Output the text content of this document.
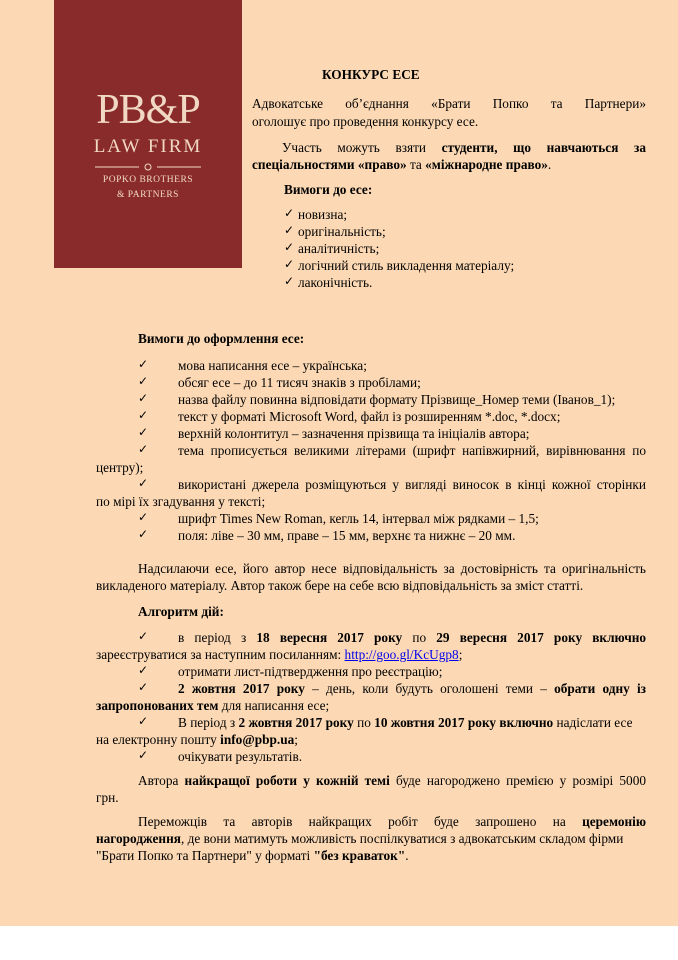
PB&P
LAW FIRM
POPKO BROTHERS
& PARTNERS
КОНКУРС ЕСЕ
Адвокатське об’єднання «Брати Попко та Партнери»
оголошує про проведення конкурсу есе.
Участь можуть взяти студенти, що навчаються за
спеціальностями «право» та «міжнародне право».
Вимоги до есе:
✓ новизна;
✓ оригінальність;
✓ аналітичність;
✓ логічний стиль викладення матеріалу;
✓ лаконічність.
Вимоги до оформлення есе:
✓ мова написання есе – українська;
✓ обсяг есе – до 11 тисяч знаків з пробілами;
✓ назва файлу повинна відповідати формату Прізвище_Номер теми (Іванов_1);
✓ текст у форматі Microsoft Word, файл із розширенням *.doc, *.docx;
✓ верхній колонтитул – зазначення прізвища та ініціалів автора;
✓ тема прописується великими літерами (шрифт напівжирний, вирівнювання по
центру);
✓ використані джерела розміщуються у вигляді виносок в кінці кожної сторінки
по мірі їх згадування у тексті;
✓ шрифт Times New Roman, кегль 14, інтервал між рядками – 1,5;
✓ поля: ліве – 30 мм, праве – 15 мм, верхнє та нижнє – 20 мм.
Надсилаючи есе, його автор несе відповідальність за достовірність та оригінальність
викладеного матеріалу. Автор також бере на себе всю відповідальність за зміст статті.
Алгоритм дій:
✓ в період з 18 вересня 2017 року по 29 вересня 2017 року включно
зареєструватися за наступним посиланням: http://goo.gl/KcUgp8;
✓ отримати лист-підтвердження про реєстрацію;
✓ 2 жовтня 2017 року – день, коли будуть оголошені теми – обрати одну із
запропонованих тем для написання есе;
✓ В період з 2 жовтня 2017 року по 10 жовтня 2017 року включно надіслати есе
на електронну пошту info@pbp.ua;
✓ очікувати результатів.
Автора найкращої роботи у кожній темі буде нагороджено премією у розмірі 5000
грн.
Переможців та авторів найкращих робіт буде запрошено на церемонію
нагородження, де вони матимуть можливість поспілкуватися з адвокатським складом фірми
"Брати Попко та Партнери" у форматі "без краваток".
